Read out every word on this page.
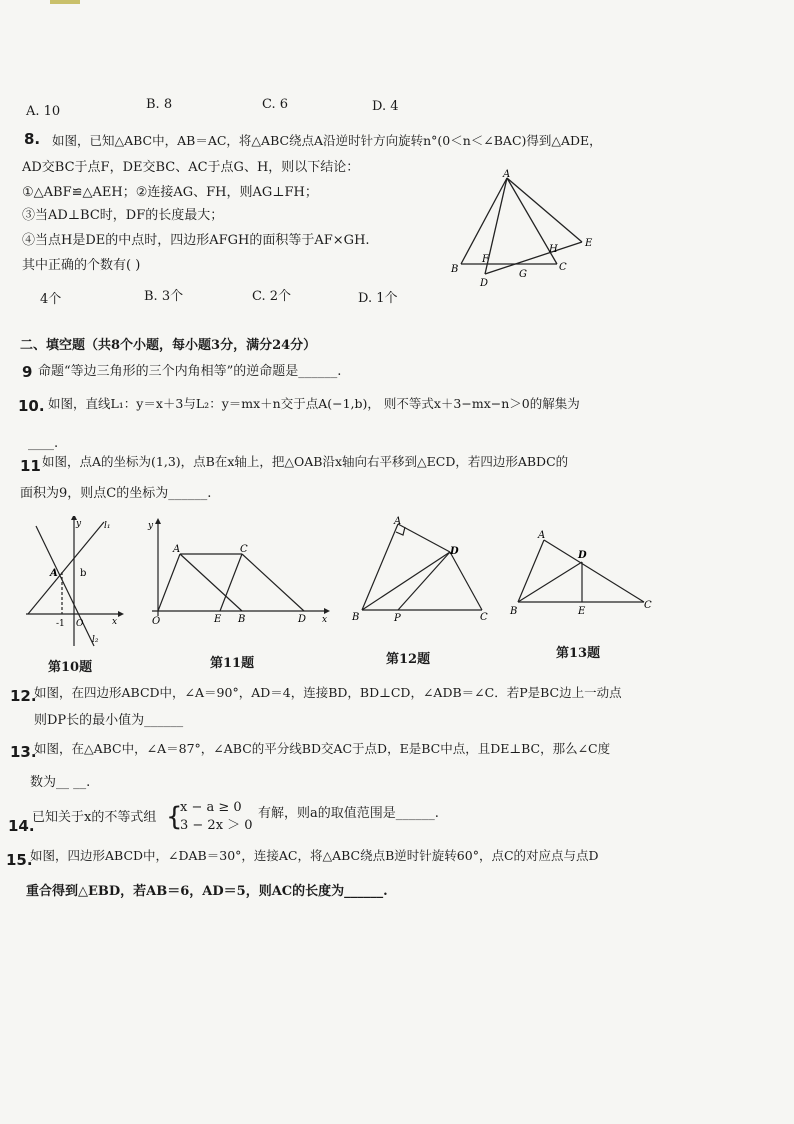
A. 10	B. 8	C. 6	D. 4
8. 如图，已知△ABC中，AB＝AC，将△ABC绕点A沿逆时针方向旋转n°(0＜n＜∠BAC)得到△ADE，
AD交BC于点F，DE交BC、AC于点G、H，则以下结论：
①△ABF≌△AEH；②连接AG、FH，则AG⊥FH；
③当AD⊥BC时，DF的长度最大；
④当点H是DE的中点时，四边形AFGH的面积等于AF×GH.
其中正确的个数有( )
4个	B. 3个	C. 2个	D. 1个
A
B	C
D
E
F
G
H
二、填空题（共8个小题，每小题3分，满分24分）
9 命题“等边三角形的三个内角相等”的逆命题是______.
10. 如图，直线L₁：y＝x＋3与L₂：y＝mx＋n交于点A(−1,b)， 则不等式x＋3−mx−n＞0的解集为
____.
11 如图，点A的坐标为(1,3)，点B在x轴上，把△OAB沿x轴向右平移到△ECD，若四边形ABDC的
面积为9，则点C的坐标为______.
y	l₁
A b
-1 O	x
l₂
第10题
y
A	C
O	E B	D x
第11题
A
D
B	P	C
第12题
A
D
B	E
C
第13题
12.
如图，在四边形ABCD中，∠A＝90°，AD＝4，连接BD，BD⊥CD，∠ADB＝∠C．若P是BC边上一动点
则DP长的最小值为______
13.
如图，在△ABC中，∠A＝87°，∠ABC的平分线BD交AC于点D，E是BC中点，且DE⊥BC，那么∠C度
数为__ __.
14.
已知关于x的不等式组 {
x − a ≥ 0
3 − 2x ＞ 0
有解，则a的取值范围是______.
15.
如图，四边形ABCD中，∠DAB＝30°，连接AC，将△ABC绕点B逆时针旋转60°，点C的对应点与点D
重合得到△EBD，若AB＝6，AD＝5，则AC的长度为______.
